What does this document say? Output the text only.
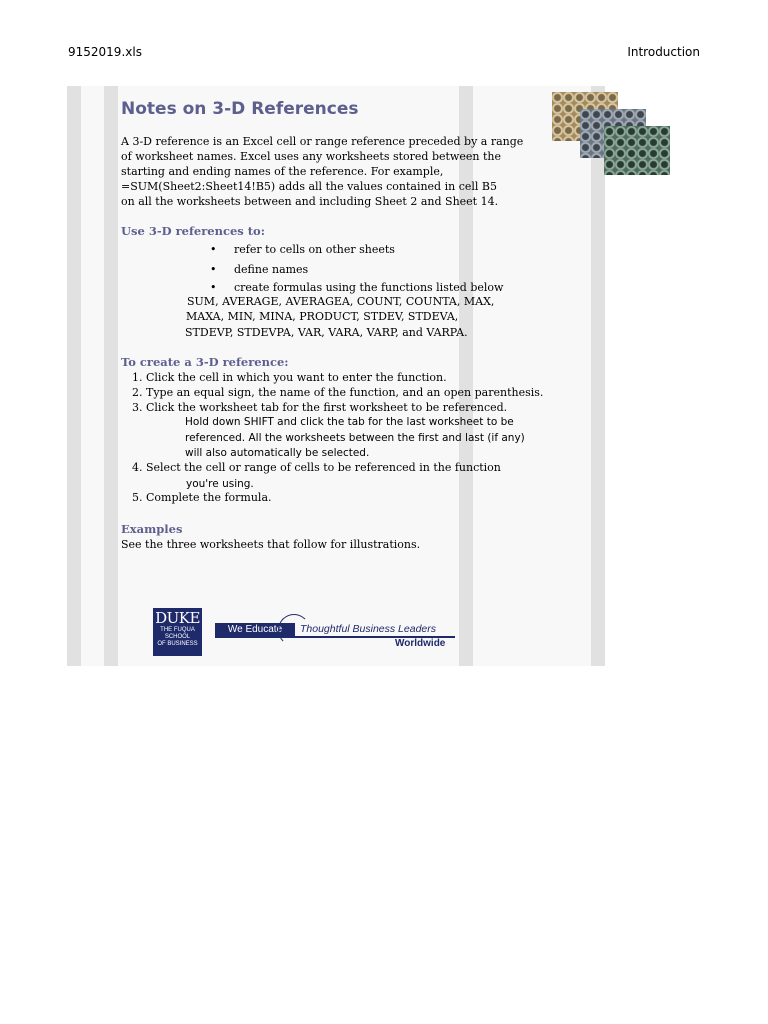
9152019.xls	Introduction
Notes on 3-D References
A 3-D reference is an Excel cell or range reference preceded by a range
of worksheet names. Excel uses any worksheets stored between the
starting and ending names of the reference. For example,
=SUM(Sheet2:Sheet14!B5) adds all the values contained in cell B5
on all the worksheets between and including Sheet 2 and Sheet 14.
Use 3-D references to:
• refer to cells on other sheets
• define names
• create formulas using the functions listed below
SUM, AVERAGE, AVERAGEA, COUNT, COUNTA, MAX,
MAXA, MIN, MINA, PRODUCT, STDEV, STDEVA,
STDEVP, STDEVPA, VAR, VARA, VARP, and VARPA.
To create a 3-D reference:
1. Click the cell in which you want to enter the function.
2. Type an equal sign, the name of the function, and an open parenthesis.
3. Click the worksheet tab for the first worksheet to be referenced.
Hold down SHIFT and click the tab for the last worksheet to be
referenced. All the worksheets between the first and last (if any)
will also automatically be selected.
4. Select the cell or range of cells to be referenced in the function
you're using.
5. Complete the formula.
Examples
See the three worksheets that follow for illustrations.
DUKE
THE FUQUA
SCHOOL
OF BUSINESS
We Educate	Thoughtful Business Leaders
Worldwide
